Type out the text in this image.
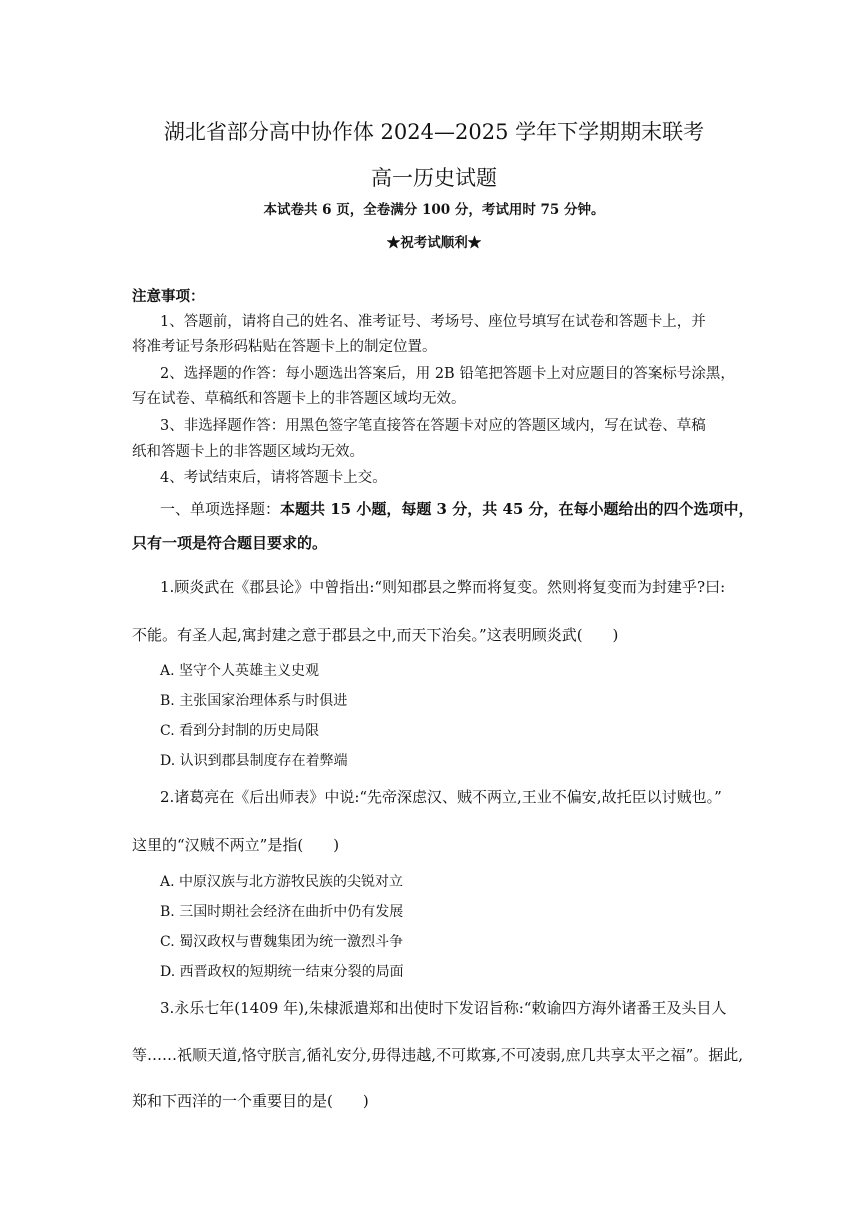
湖北省部分高中协作体 2024—2025 学年下学期期末联考
高一历史试题
本试卷共 6 页，全卷满分 100 分，考试用时 75 分钟。
★祝考试顺利★
注意事项：
1、答题前，请将自己的姓名、准考证号、考场号、座位号填写在试卷和答题卡上，并
将准考证号条形码粘贴在答题卡上的制定位置。
2、选择题的作答：每小题选出答案后，用 2B 铅笔把答题卡上对应题目的答案标号涂黑，
写在试卷、草稿纸和答题卡上的非答题区域均无效。
3、非选择题作答：用黑色签字笔直接答在答题卡对应的答题区域内，写在试卷、草稿
纸和答题卡上的非答题区域均无效。
4、考试结束后，请将答题卡上交。
一、单项选择题：本题共 15 小题，每题 3 分，共 45 分，在每小题给出的四个选项中，
只有一项是符合题目要求的。
1.顾炎武在《郡县论》中曾指出:“则知郡县之弊而将复变。然则将复变而为封建乎?曰:
不能。有圣人起,寓封建之意于郡县之中,而天下治矣。”这表明顾炎武(　　)
A. 坚守个人英雄主义史观
B. 主张国家治理体系与时俱进
C. 看到分封制的历史局限
D. 认识到郡县制度存在着弊端
2.诸葛亮在《后出师表》中说:“先帝深虑汉、贼不两立,王业不偏安,故托臣以讨贼也。”
这里的“汉贼不两立”是指(　　)
A. 中原汉族与北方游牧民族的尖锐对立
B. 三国时期社会经济在曲折中仍有发展
C. 蜀汉政权与曹魏集团为统一激烈斗争
D. 西晋政权的短期统一结束分裂的局面
3.永乐七年(1409 年),朱棣派遣郑和出使时下发诏旨称:“敕谕四方海外诸番王及头目人
等……祇顺天道,恪守朕言,循礼安分,毋得违越,不可欺寡,不可凌弱,庶几共享太平之福”。据此,
郑和下西洋的一个重要目的是(　　)
